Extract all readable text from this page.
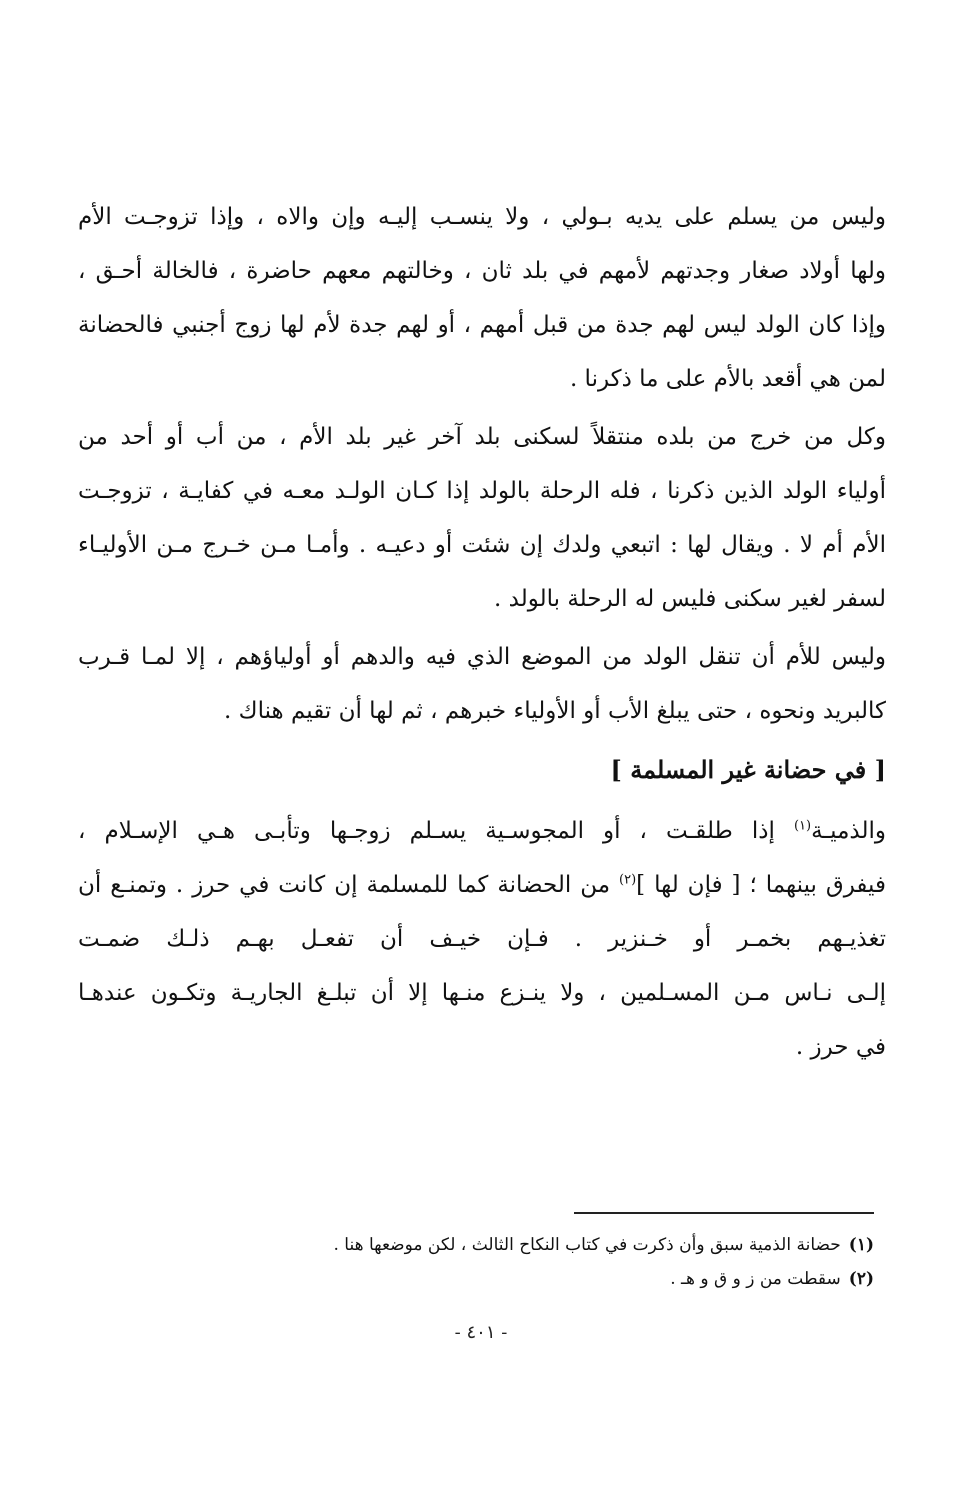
وليس من يسلم على يديه بـولي ، ولا ينسـب إليـه وإن والاه ، وإذا تزوجـت الأم
ولها أولاد صغار وجدتهم لأمهم في بلد ثان ، وخالتهم معهم حاضرة ، فالخالة أحـق ،
وإذا كان الولد ليس لهم جدة من قبل أمهم ، أو لهم جدة لأم لها زوج أجنبي فالحضانة
لمن هي أقعد بالأم على ما ذكرنا .

وكل من خرج من بلده منتقلاً لسكنى بلد آخر غير بلد الأم ، من أب أو أحد من
أولياء الولد الذين ذكرنا ، فله الرحلة بالولد إذا كـان الولـد معـه في كفايـة ، تزوجـت
الأم أم لا . ويقال لها : اتبعي ولدك إن شئت أو دعيـه . وأمـا مـن خـرج مـن الأوليـاء
لسفر لغير سكنى فليس له الرحلة بالولد .

وليس للأم أن تنقل الولد من الموضع الذي فيه والدهم أو أولياؤهم ، إلا لمـا قـرب
كالبريد ونحوه ، حتى يبلغ الأب أو الأولياء خبرهم ، ثم لها أن تقيم هناك .

[ في حضانة غير المسلمة ]

والذميـة$^{(١)}$ إذا طلقـت ، أو المجوسـية يسـلم زوجـها وتأبـى هـي الإسـلام ،
فيفرق بينهما ؛ [ فإن لها ]$^{(٢)}$ من الحضانة كما للمسلمة إن كانت في حرز . وتمنـع أن
تغذيـهم بخمـر أو خـنزير . فـإن خيـف أن تفعـل بهـم ذلـك ضمـت
إلـى نـاس مـن المسـلمين ، ولا ينـزع منـها إلا أن تبلـغ الجاريـة وتكـون عندهـا
في حرز .

(١)حضانة الذمية سبق وأن ذكرت في كتاب النكاح الثالث ، لكن موضعها هنا .
(٢)سقطت من ز و ق و هـ .
- ٤٠١ -
